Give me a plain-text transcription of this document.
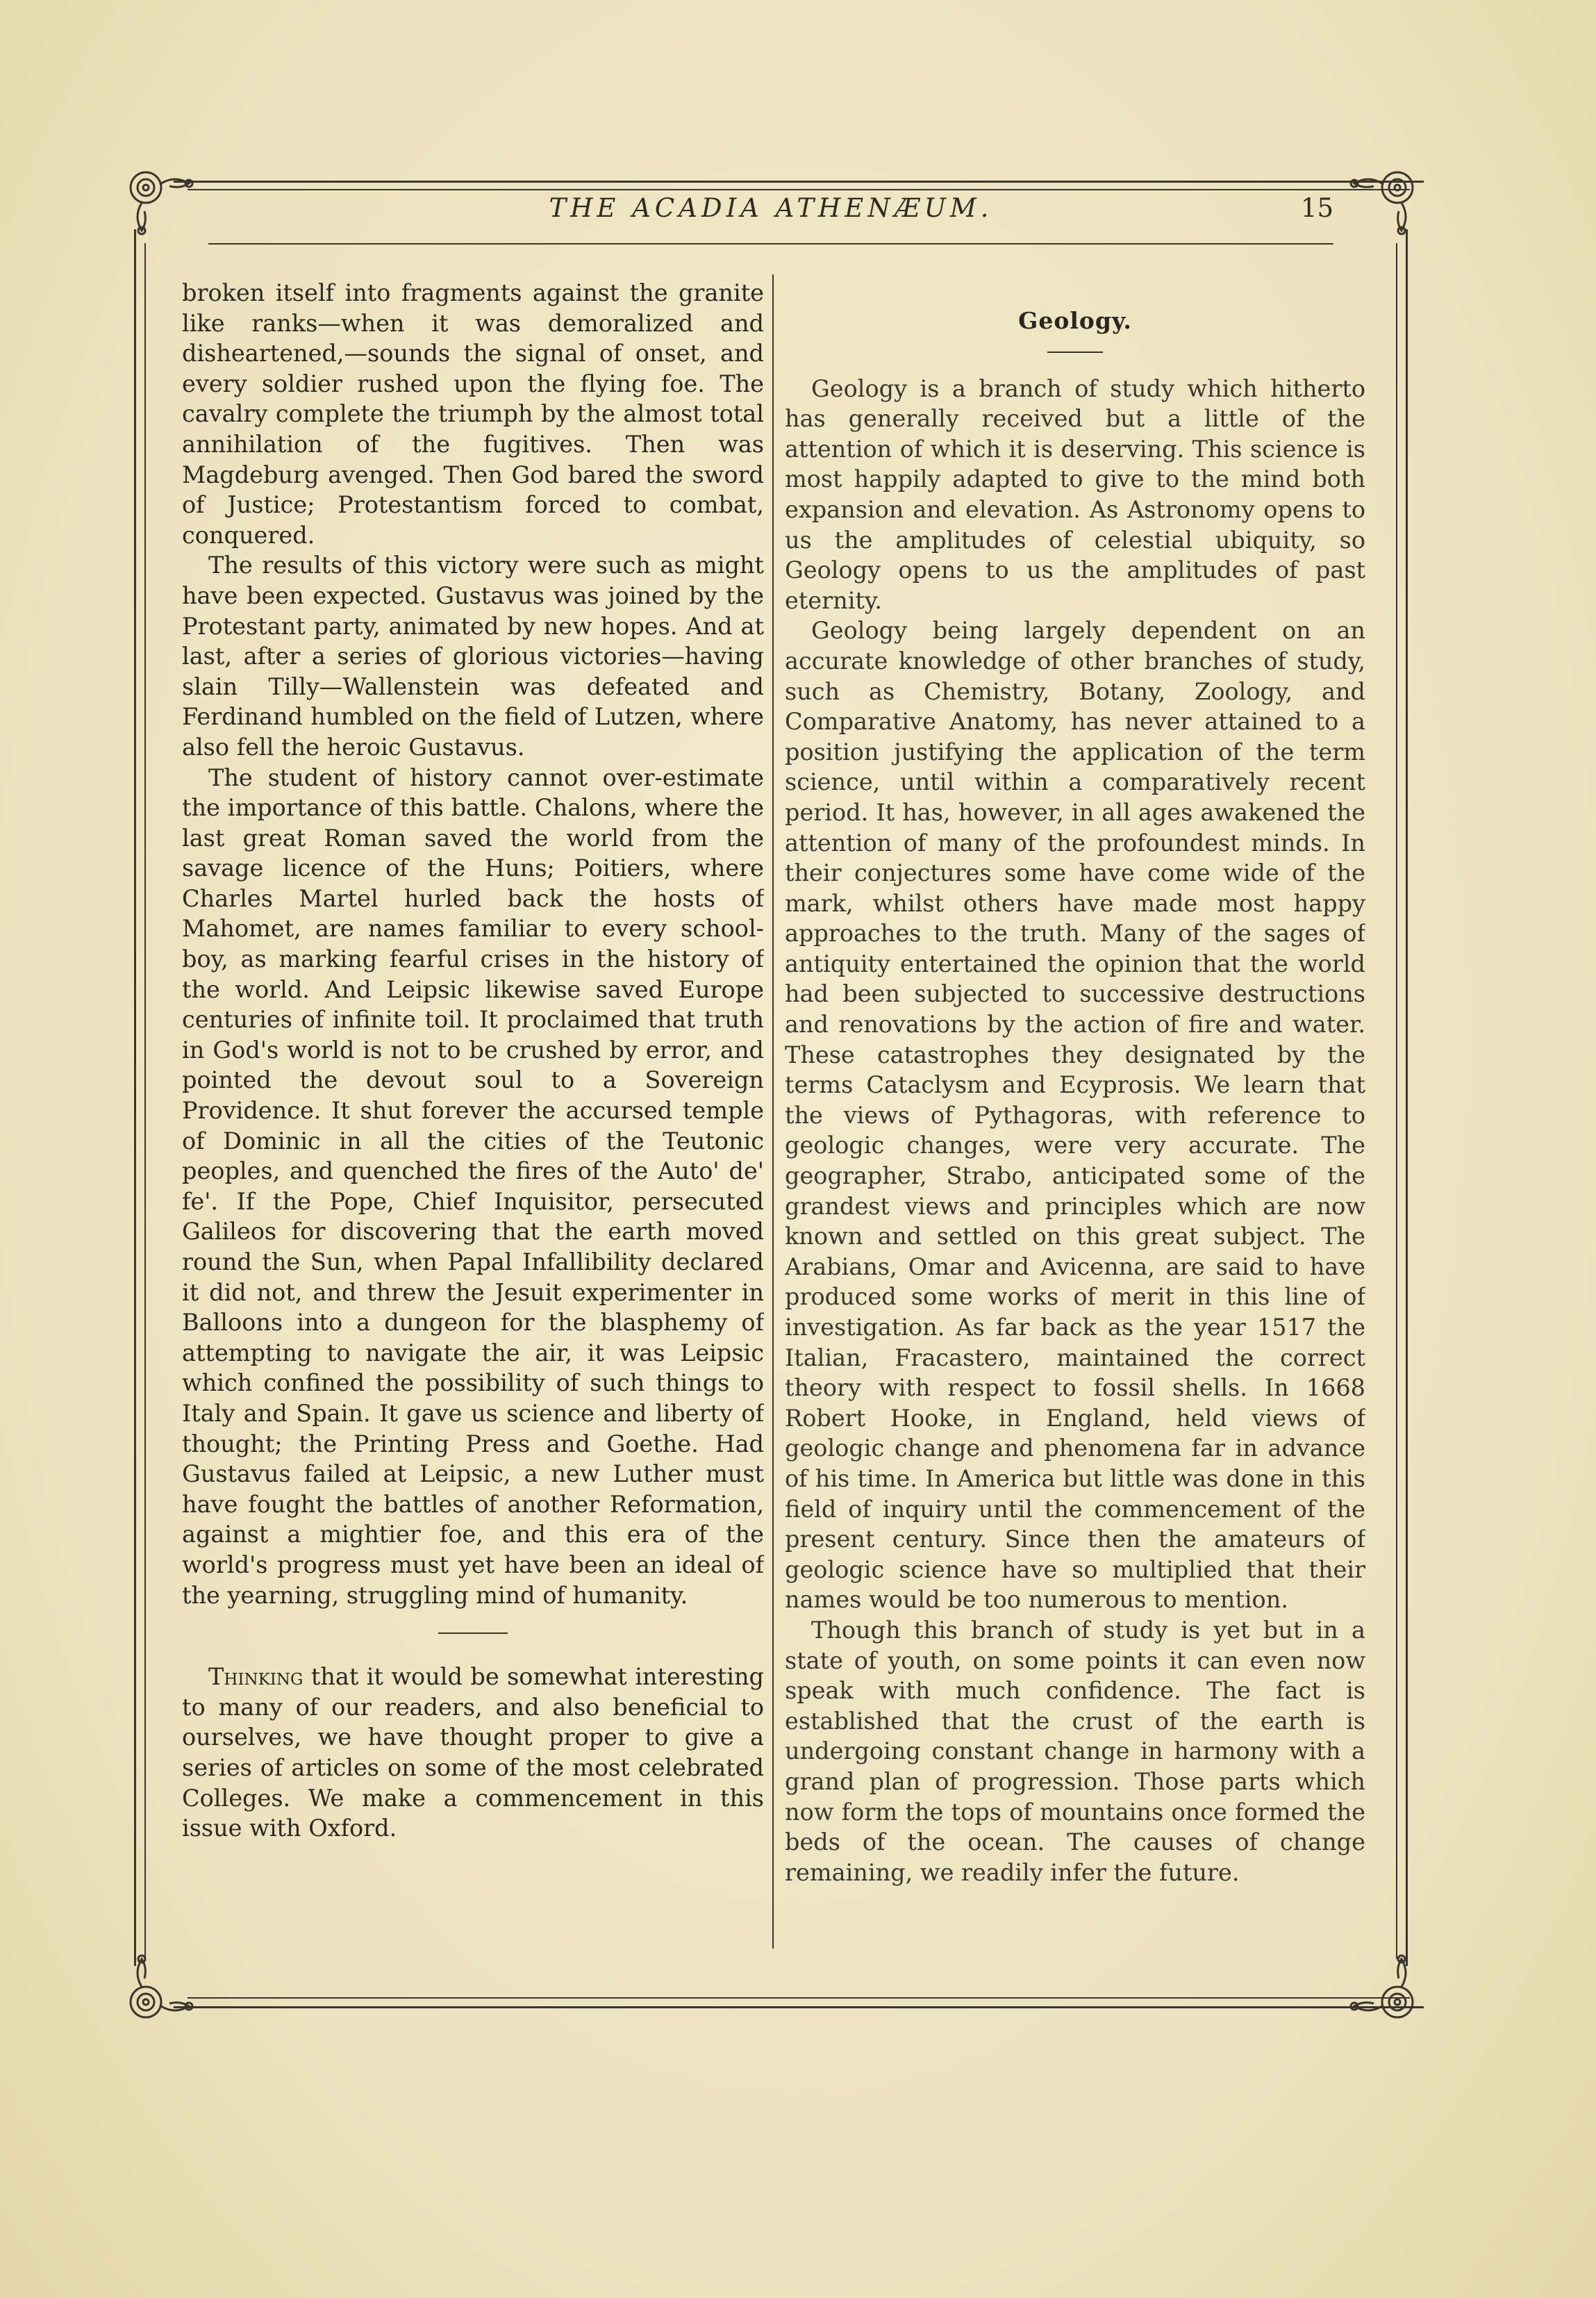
THE ACADIA ATHENÆUM.	15

broken itself into fragments against the granite like ranks—when it was demoralized and disheartened,—sounds the signal of onset, and every soldier rushed upon the flying foe. The cavalry complete the triumph by the almost total annihilation of the fugitives. Then was Magdeburg avenged. Then God bared the sword of Justice; Protestantism forced to combat, conquered.

The results of this victory were such as might have been expected. Gustavus was joined by the Protestant party, animated by new hopes. And at last, after a series of glorious victories—having slain Tilly—Wallenstein was defeated and Ferdinand humbled on the field of Lutzen, where also fell the heroic Gustavus.

The student of history cannot over-estimate the importance of this battle. Chalons, where the last great Roman saved the world from the savage licence of the Huns; Poitiers, where Charles Martel hurled back the hosts of Mahomet, are names familiar to every school-boy, as marking fearful crises in the history of the world. And Leipsic likewise saved Europe centuries of infinite toil. It proclaimed that truth in God's world is not to be crushed by error, and pointed the devout soul to a Sovereign Providence. It shut forever the accursed temple of Dominic in all the cities of the Teutonic peoples, and quenched the fires of the Auto' de' fe'. If the Pope, Chief Inquisitor, persecuted Galileos for discovering that the earth moved round the Sun, when Papal Infallibility declared it did not, and threw the Jesuit experimenter in Balloons into a dungeon for the blasphemy of attempting to navigate the air, it was Leipsic which confined the possibility of such things to Italy and Spain. It gave us science and liberty of thought; the Printing Press and Goethe. Had Gustavus failed at Leipsic, a new Luther must have fought the battles of another Reformation, against a mightier foe, and this era of the world's progress must yet have been an ideal of the yearning, struggling mind of humanity.

Thinking that it would be somewhat interesting to many of our readers, and also beneficial to ourselves, we have thought proper to give a series of articles on some of the most celebrated Colleges. We make a commencement in this issue with Oxford.

Geology.

Geology is a branch of study which hitherto has generally received but a little of the attention of which it is deserving. This science is most happily adapted to give to the mind both expansion and elevation. As Astronomy opens to us the amplitudes of celestial ubiquity, so Geology opens to us the amplitudes of past eternity.

Geology being largely dependent on an accurate knowledge of other branches of study, such as Chemistry, Botany, Zoology, and Comparative Anatomy, has never attained to a position justifying the application of the term science, until within a comparatively recent period. It has, however, in all ages awakened the attention of many of the profoundest minds. In their conjectures some have come wide of the mark, whilst others have made most happy approaches to the truth. Many of the sages of antiquity entertained the opinion that the world had been subjected to successive destructions and renovations by the action of fire and water. These catastrophes they designated by the terms Cataclysm and Ecyprosis. We learn that the views of Pythagoras, with reference to geologic changes, were very accurate. The geographer, Strabo, anticipated some of the grandest views and principles which are now known and settled on this great subject. The Arabians, Omar and Avicenna, are said to have produced some works of merit in this line of investigation. As far back as the year 1517 the Italian, Fracastero, maintained the correct theory with respect to fossil shells. In 1668 Robert Hooke, in England, held views of geologic change and phenomena far in advance of his time. In America but little was done in this field of inquiry until the commencement of the present century. Since then the amateurs of geologic science have so multiplied that their names would be too numerous to mention.

Though this branch of study is yet but in a state of youth, on some points it can even now speak with much confidence. The fact is established that the crust of the earth is undergoing constant change in harmony with a grand plan of progression. Those parts which now form the tops of mountains once formed the beds of the ocean. The causes of change remaining, we readily infer the future.
